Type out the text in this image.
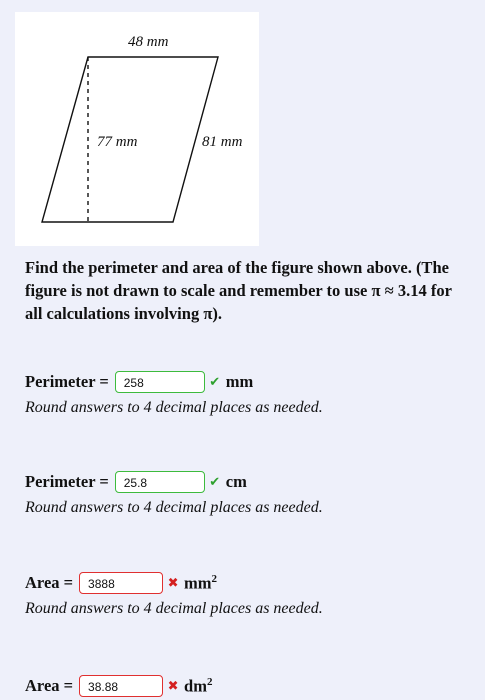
48 mm
77 mm	81 mm
Find the perimeter and area of the figure shown above. (The figure is not drawn to scale and remember to use π ≈ 3.14 for all calculations involving π).
Perimeter =	258	✔ mm
Round answers to 4 decimal places as needed.
Perimeter =	25.8	✔ cm
Round answers to 4 decimal places as needed.
Area =	3888	✖ $mm^2$
Round answers to 4 decimal places as needed.
Area =	38.88	✖ $dm^2$
